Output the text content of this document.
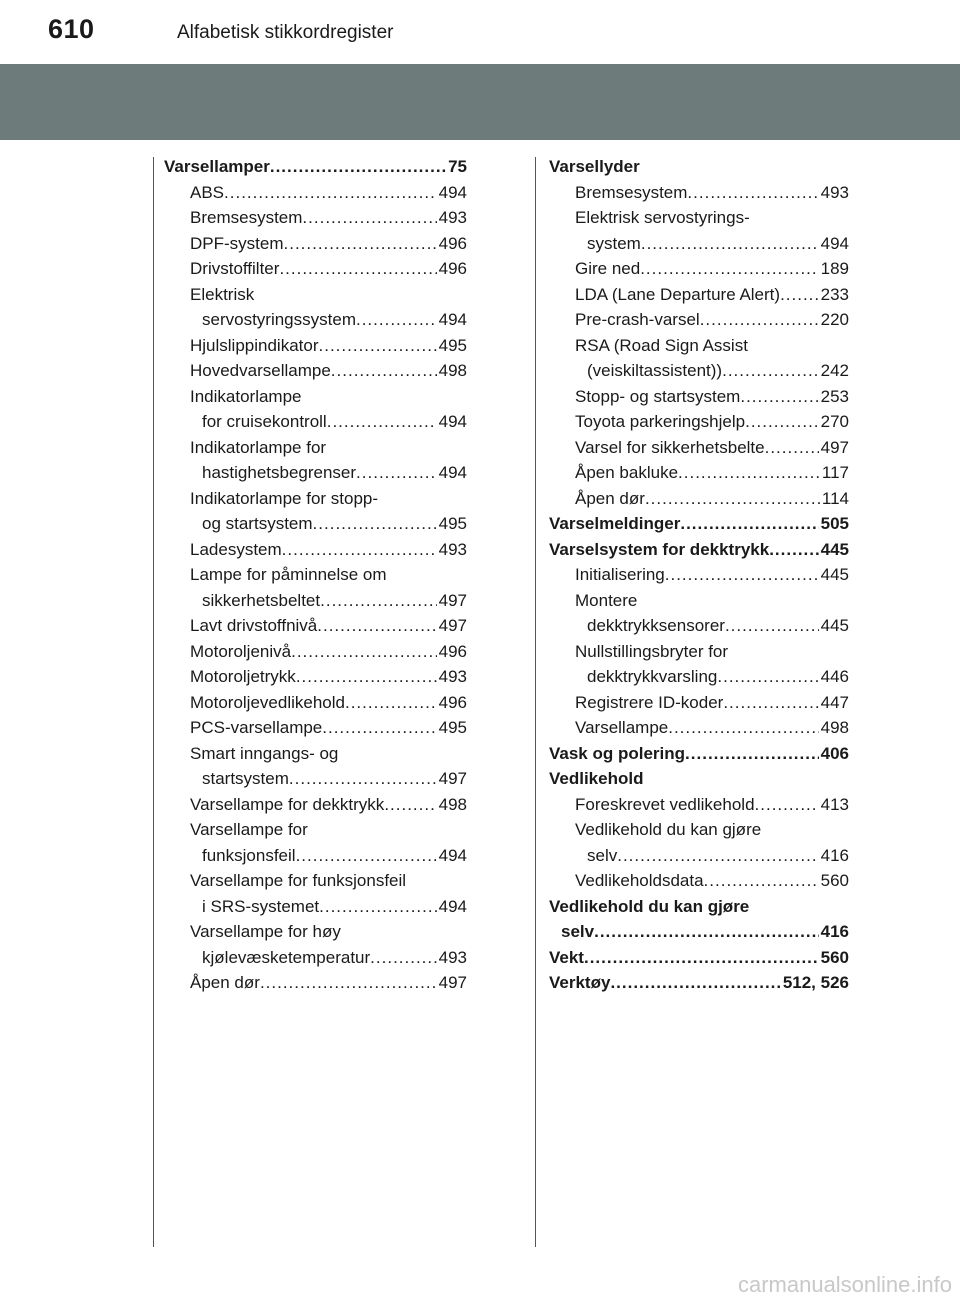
610	Alfabetisk stikkordregister
Varsellamper .....	75
ABS .....	494
Bremsesystem .....	493
DPF-system .....	496
Drivstoffilter .....	496
Elektrisk
servostyringssystem .....	494
Hjulslippindikator .....	495
Hovedvarsellampe .....	498
Indikatorlampe
for cruisekontroll .....	494
Indikatorlampe for
hastighetsbegrenser .....	494
Indikatorlampe for stopp-
og startsystem .....	495
Ladesystem .....	493
Lampe for påminnelse om
sikkerhetsbeltet .....	497
Lavt drivstoffnivå .....	497
Motoroljenivå .....	496
Motoroljetrykk .....	493
Motoroljevedlikehold .....	496
PCS-varsellampe .....	495
Smart inngangs- og
startsystem .....	497
Varsellampe for dekktrykk .....	498
Varsellampe for
funksjonsfeil .....	494
Varsellampe for funksjonsfeil
i SRS-systemet .....	494
Varsellampe for høy
kjølevæsketemperatur .....	493
Åpen dør .....	497
Varsellyder
Bremsesystem .....	493
Elektrisk servostyrings-
system .....	494
Gire ned .....	189
LDA (Lane Departure Alert) ..... 233
Pre-crash-varsel .....	220
RSA (Road Sign Assist
(veiskiltassistent)) .....	242
Stopp- og startsystem .....	253
Toyota parkeringshjelp .....	270
Varsel for sikkerhetsbelte .....	497
Åpen bakluke .....	117
Åpen dør .....	114
Varselmeldinger .....	505
Varselsystem for dekktrykk .....	445
Initialisering .....	445
Montere
dekktrykksensorer .....	445
Nullstillingsbryter for
dekktrykkvarsling .....	446
Registrere ID-koder .....	447
Varsellampe .....	498
Vask og polering .....	406
Vedlikehold
Foreskrevet vedlikehold .....	413
Vedlikehold du kan gjøre
selv .....	416
Vedlikeholdsdata .....	560
Vedlikehold du kan gjøre
selv .....	416
Vekt .....	560
Verktøy .....	512, 526
carmanualsonline.info
